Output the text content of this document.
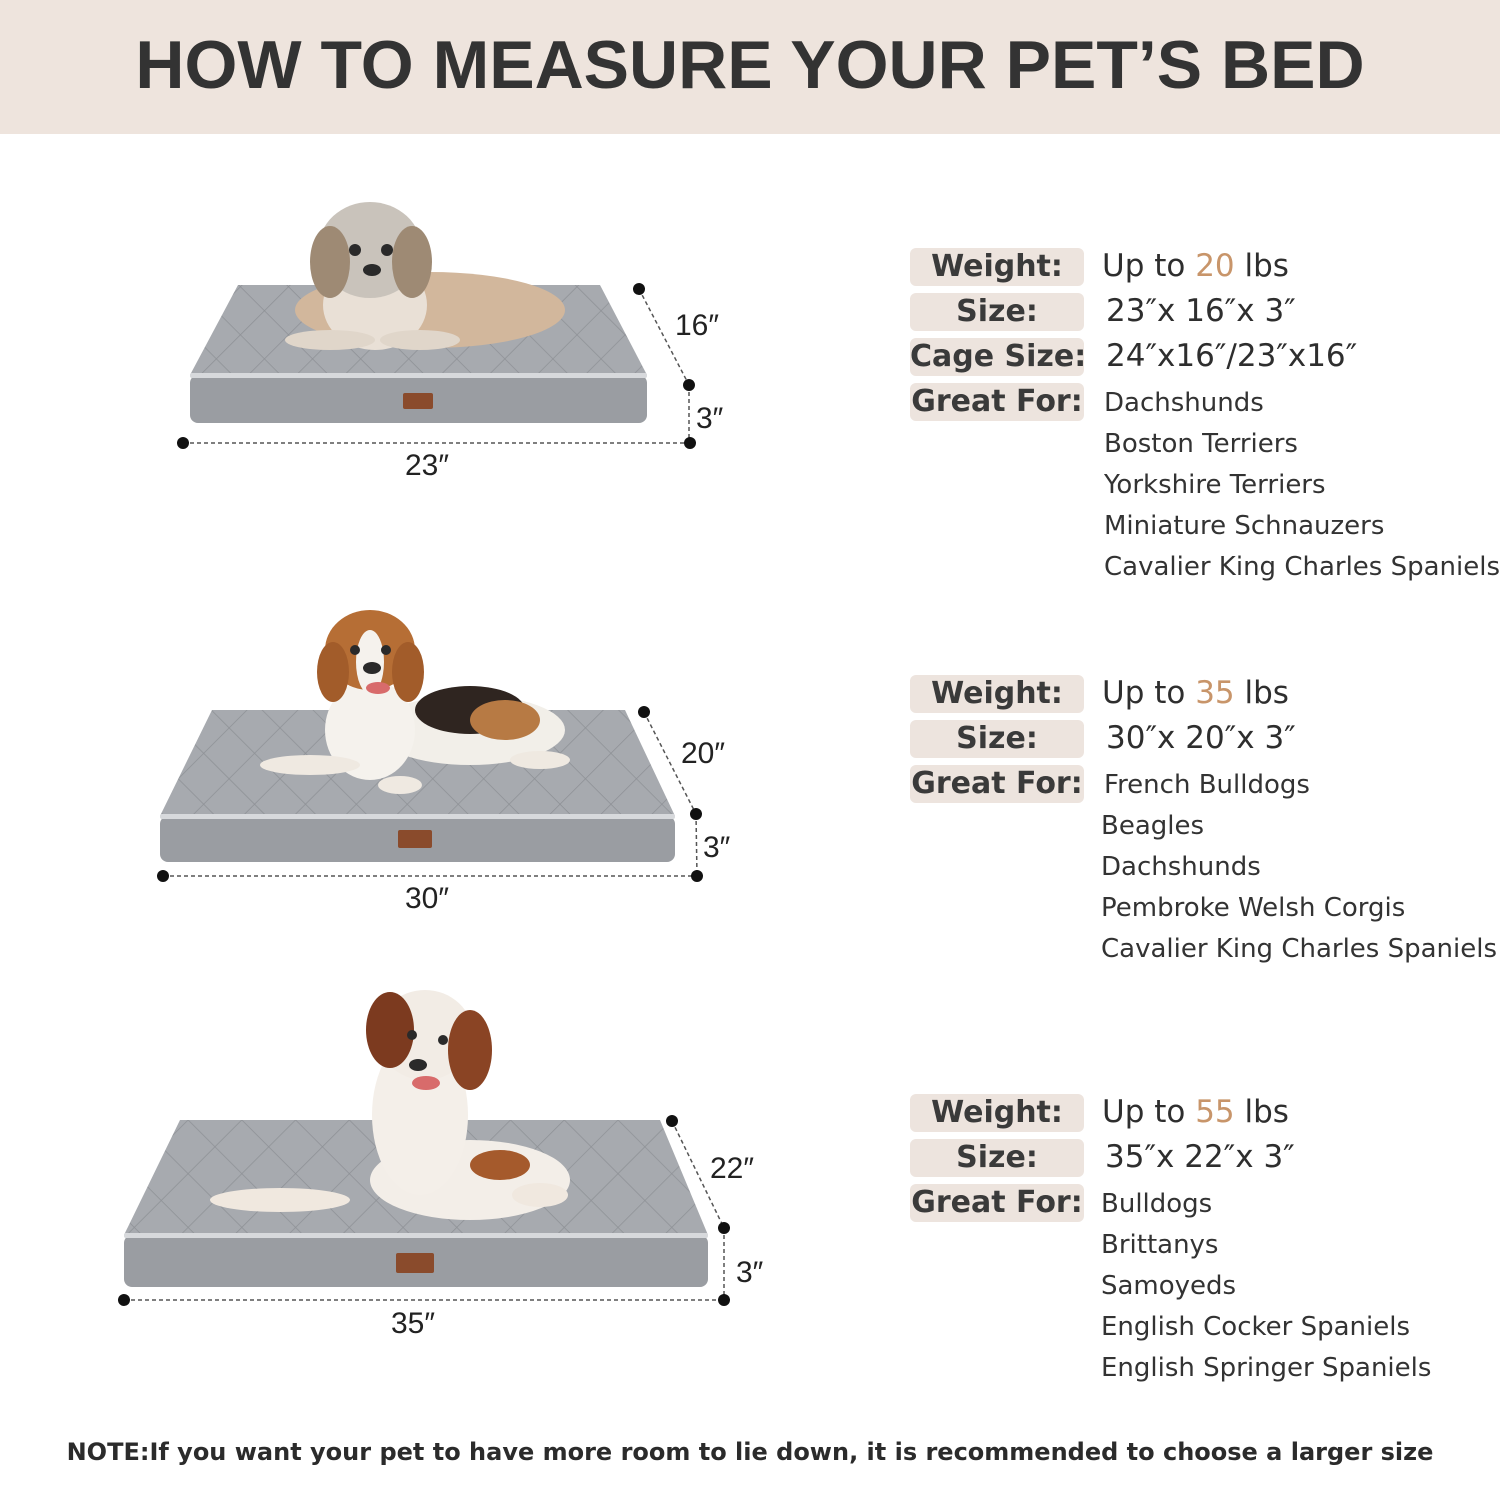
HOW TO MEASURE YOUR PET’S BED
23″
16″
3″
Weight:	Up to 20 lbs
Size:	23″x 16″x 3″
Cage Size: 24″x16″/23″x16″
Great For: Dachshunds
Boston Terriers
Yorkshire Terriers
Miniature Schnauzers
Cavalier King Charles Spaniels
30″
20″
3″
Weight:	Up to 35 lbs
Size:	30″x 20″x 3″
Great For: French Bulldogs
Beagles
Dachshunds
Pembroke Welsh Corgis
Cavalier King Charles Spaniels
35″
22″
3″
Weight:	Up to 55 lbs
Size:	35″x 22″x 3″
Great For: Bulldogs
Brittanys
Samoyeds
English Cocker Spaniels
English Springer Spaniels
NOTE:If you want your pet to have more room to lie down, it is recommended to choose a larger size
